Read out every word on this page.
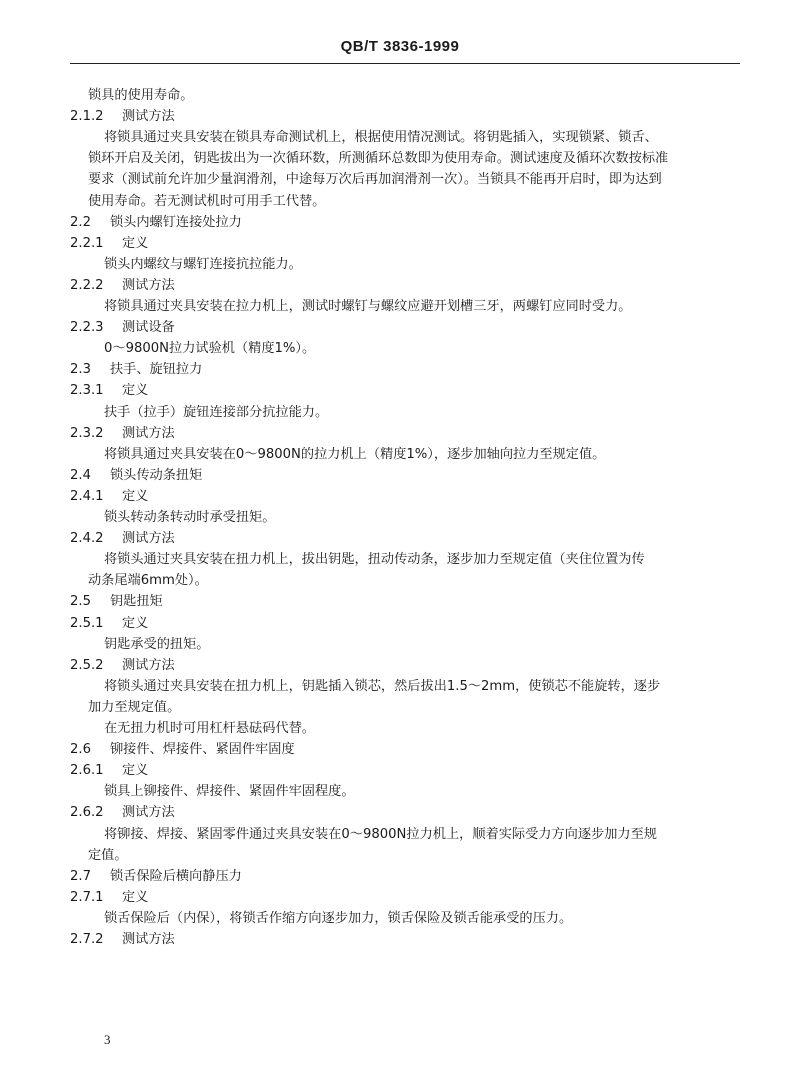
QB/T 3836-1999
锁具的使用寿命。
2.1.2 测试方法
将锁具通过夹具安装在锁具寿命测试机上，根据使用情况测试。将钥匙插入，实现锁紧、锁舌、
锁环开启及关闭，钥匙拔出为一次循环数，所测循环总数即为使用寿命。测试速度及循环次数按标准
要求（测试前允许加少量润滑剂，中途每万次后再加润滑剂一次）。当锁具不能再开启时，即为达到
使用寿命。若无测试机时可用手工代替。
2.2 锁头内螺钉连接处拉力
2.2.1 定义
锁头内螺纹与螺钉连接抗拉能力。
2.2.2 测试方法
将锁具通过夹具安装在拉力机上，测试时螺钉与螺纹应避开划槽三牙，两螺钉应同时受力。
2.2.3 测试设备
0～9800N拉力试验机（精度1%）。
2.3 扶手、旋钮拉力
2.3.1 定义
扶手（拉手）旋钮连接部分抗拉能力。
2.3.2 测试方法
将锁具通过夹具安装在0～9800N的拉力机上（精度1%），逐步加轴向拉力至规定值。
2.4 锁头传动条扭矩
2.4.1 定义
锁头转动条转动时承受扭矩。
2.4.2 测试方法
将锁头通过夹具安装在扭力机上，拔出钥匙，扭动传动条，逐步加力至规定值（夹住位置为传
动条尾端6mm处）。
2.5 钥匙扭矩
2.5.1 定义
钥匙承受的扭矩。
2.5.2 测试方法
将锁头通过夹具安装在扭力机上，钥匙插入锁芯，然后拔出1.5～2mm，使锁芯不能旋转，逐步
加力至规定值。
在无扭力机时可用杠杆悬砝码代替。
2.6 铆接件、焊接件、紧固件牢固度
2.6.1 定义
锁具上铆接件、焊接件、紧固件牢固程度。
2.6.2 测试方法
将铆接、焊接、紧固零件通过夹具安装在0～9800N拉力机上，顺着实际受力方向逐步加力至规
定值。
2.7 锁舌保险后横向静压力
2.7.1 定义
锁舌保险后（内保），将锁舌作缩方向逐步加力，锁舌保险及锁舌能承受的压力。
2.7.2 测试方法
3
